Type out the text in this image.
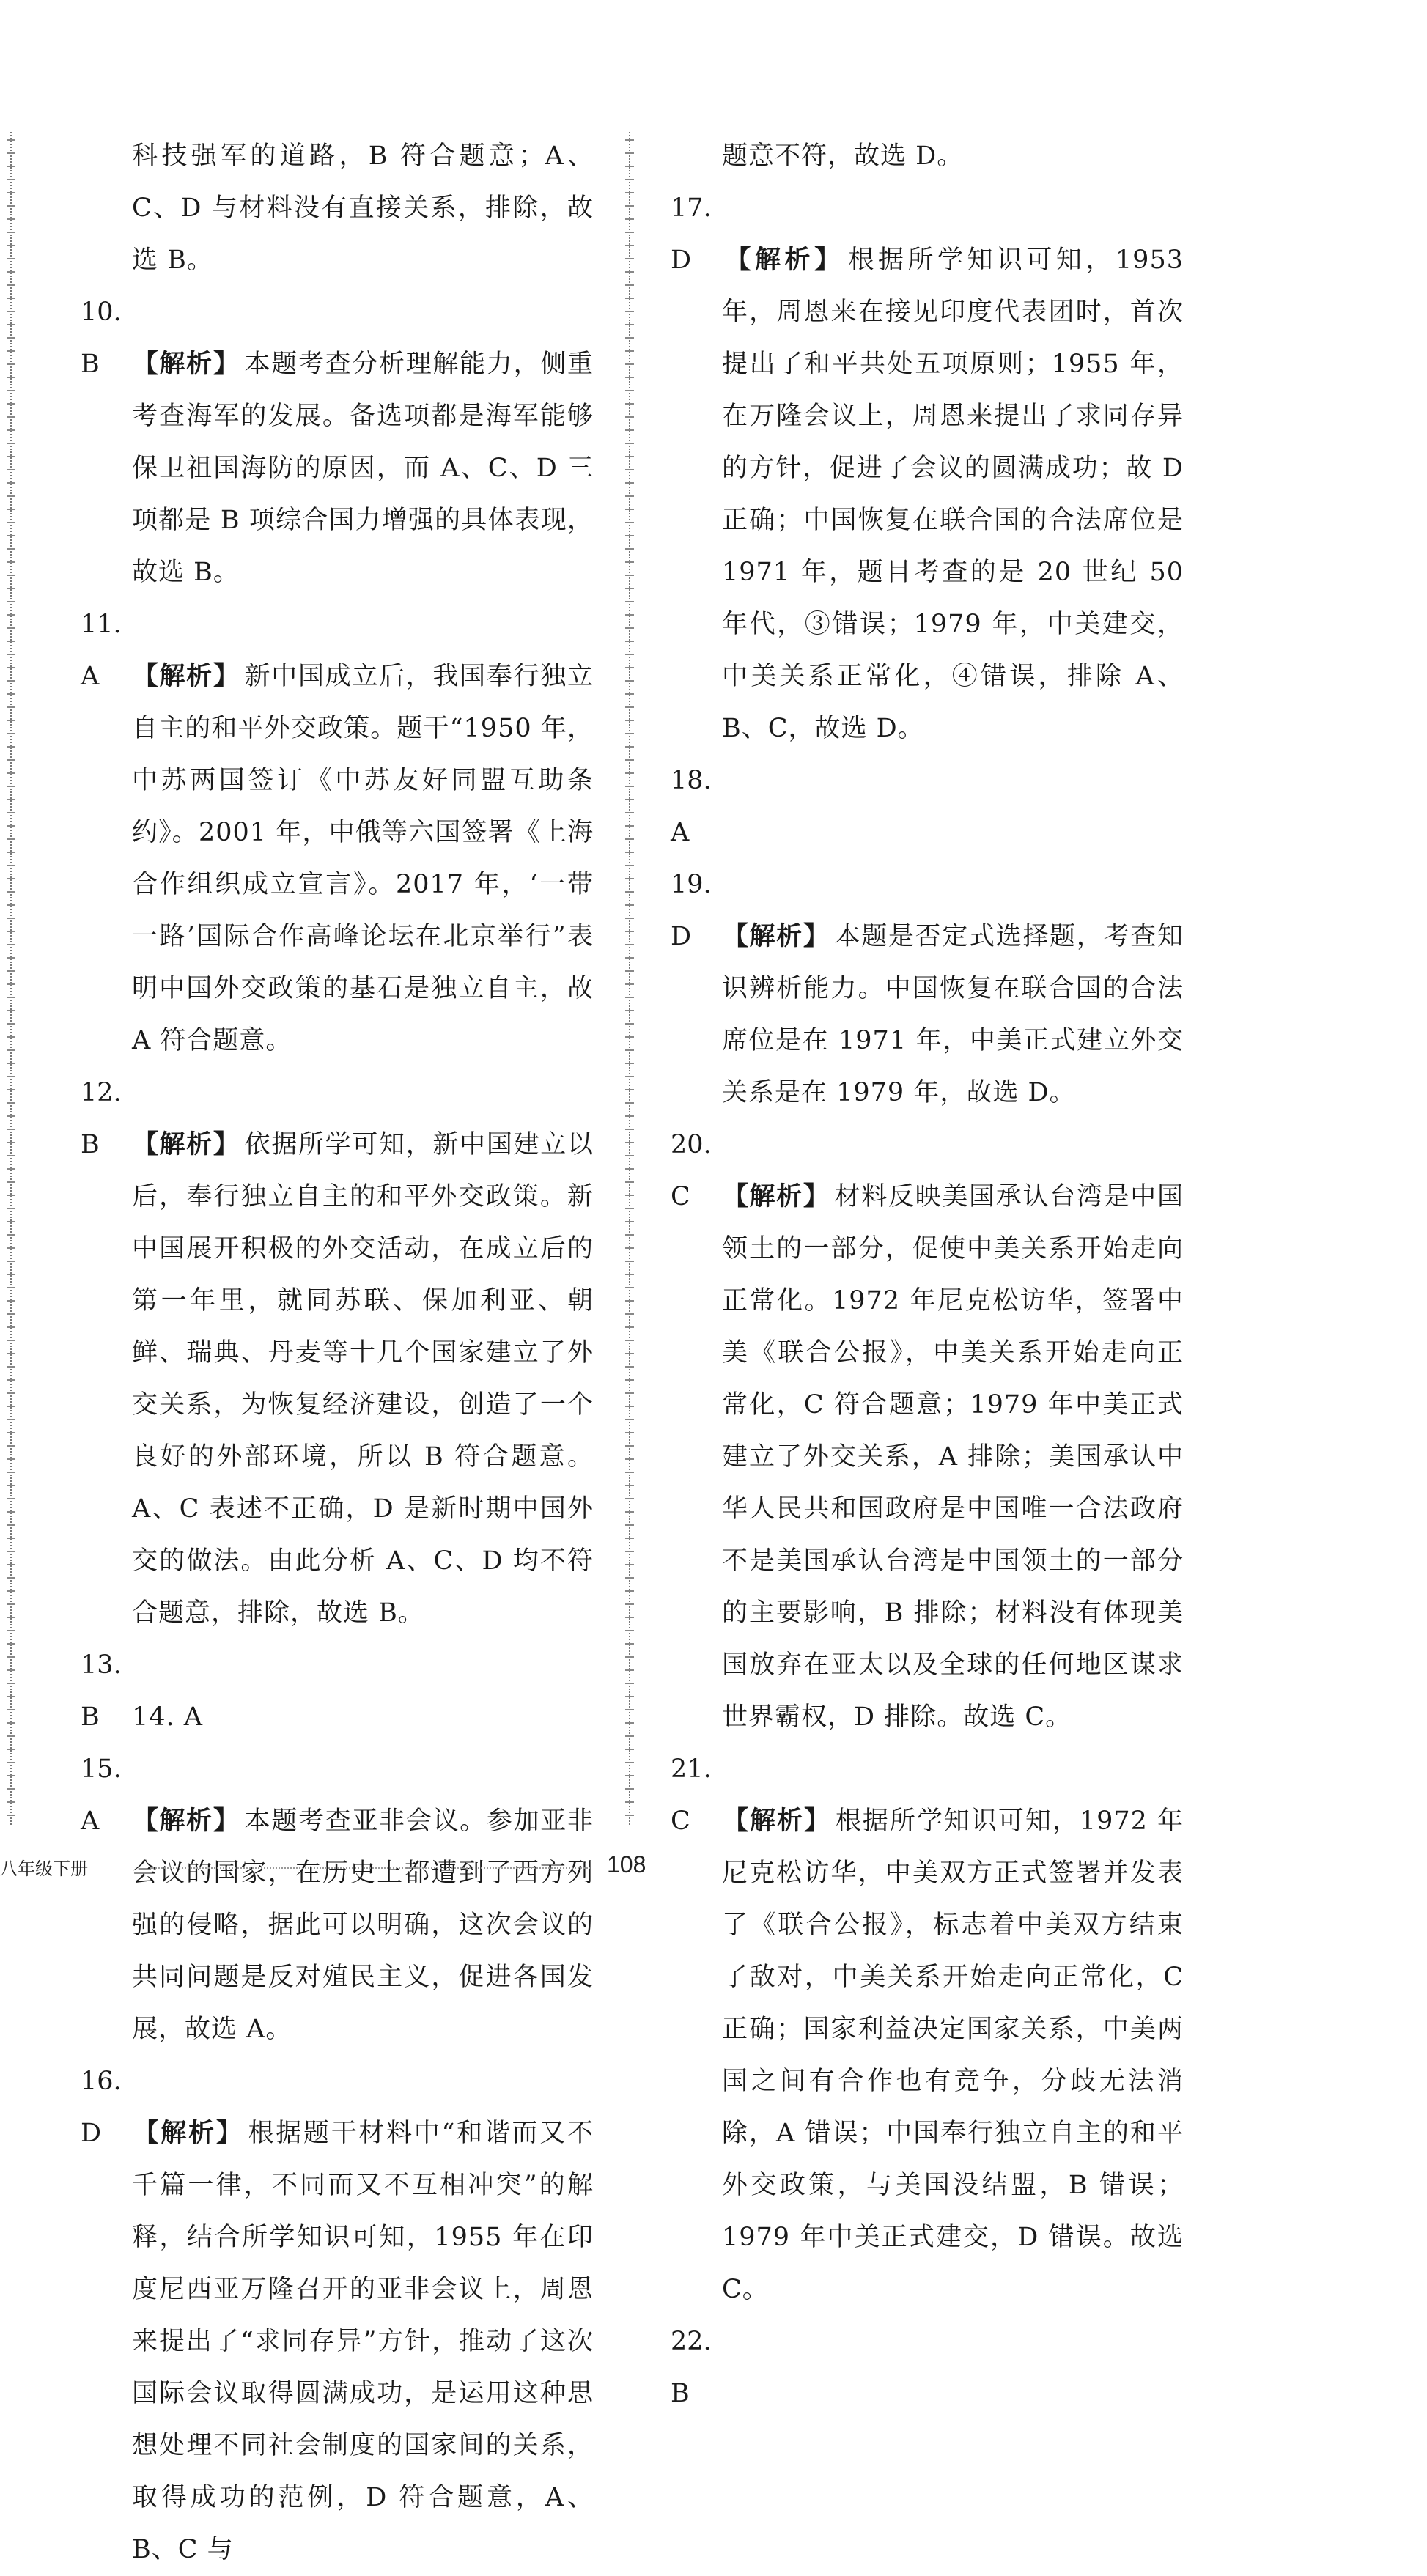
科技强军的道路，B 符合题意；A、C、D 与材料没有直接关系，排除，故选 B。

10. B 【解析】 本题考查分析理解能力，侧重考查海军的发展。备选项都是海军能够保卫祖国海防的原因，而 A、C、D 三项都是 B 项综合国力增强的具体表现，故选 B。

11. A 【解析】 新中国成立后，我国奉行独立自主的和平外交政策。题干“1950 年，中苏两国签订《中苏友好同盟互助条约》。2001 年，中俄等六国签署《上海合作组织成立宣言》。2017 年，‘一带一路’国际合作高峰论坛在北京举行”表明中国外交政策的基石是独立自主，故 A 符合题意。

12. B 【解析】 依据所学可知，新中国建立以后，奉行独立自主的和平外交政策。新中国展开积极的外交活动，在成立后的第一年里，就同苏联、保加利亚、朝鲜、瑞典、丹麦等十几个国家建立了外交关系，为恢复经济建设，创造了一个良好的外部环境，所以 B 符合题意。A、C 表述不正确，D 是新时期中国外交的做法。由此分析 A、C、D 均不符合题意，排除，故选 B。

13. B 14. A

15. A 【解析】 本题考查亚非会议。参加亚非会议的国家，在历史上都遭到了西方列强的侵略，据此可以明确，这次会议的共同问题是反对殖民主义，促进各国发展，故选 A。

16. D 【解析】 根据题干材料中“和谐而又不千篇一律，不同而又不互相冲突”的解释，结合所学知识可知，1955 年在印度尼西亚万隆召开的亚非会议上，周恩来提出了“求同存异”方针，推动了这次国际会议取得圆满成功，是运用这种思想处理不同社会制度的国家间的关系，取得成功的范例，D 符合题意，A、B、C 与

题意不符，故选 D。

17. D 【解析】 根据所学知识可知，1953 年，周恩来在接见印度代表团时，首次提出了和平共处五项原则；1955 年，在万隆会议上，周恩来提出了求同存异的方针，促进了会议的圆满成功；故 D 正确；中国恢复在联合国的合法席位是 1971 年，题目考查的是 20 世纪 50 年代，③错误；1979 年，中美建交，中美关系正常化，④错误，排除 A、B、C，故选 D。

18. A

19. D 【解析】 本题是否定式选择题，考查知识辨析能力。中国恢复在联合国的合法席位是在 1971 年，中美正式建立外交关系是在 1979 年，故选 D。

20. C 【解析】 材料反映美国承认台湾是中国领土的一部分，促使中美关系开始走向正常化。1972 年尼克松访华，签署中美《联合公报》，中美关系开始走向正常化，C 符合题意；1979 年中美正式建立了外交关系，A 排除；美国承认中华人民共和国政府是中国唯一合法政府不是美国承认台湾是中国领土的一部分的主要影响，B 排除；材料没有体现美国放弃在亚太以及全球的任何地区谋求世界霸权，D 排除。故选 C。

21. C 【解析】 根据所学知识可知，1972 年尼克松访华，中美双方正式签署并发表了《联合公报》，标志着中美双方结束了敌对，中美关系开始走向正常化，C 正确；国家利益决定国家关系，中美两国之间有合作也有竞争，分歧无法消除，A 错误；中国奉行独立自主的和平外交政策，与美国没结盟，B 错误；1979 年中美正式建交，D 错误。故选 C。

22. B

八年级下册	108
